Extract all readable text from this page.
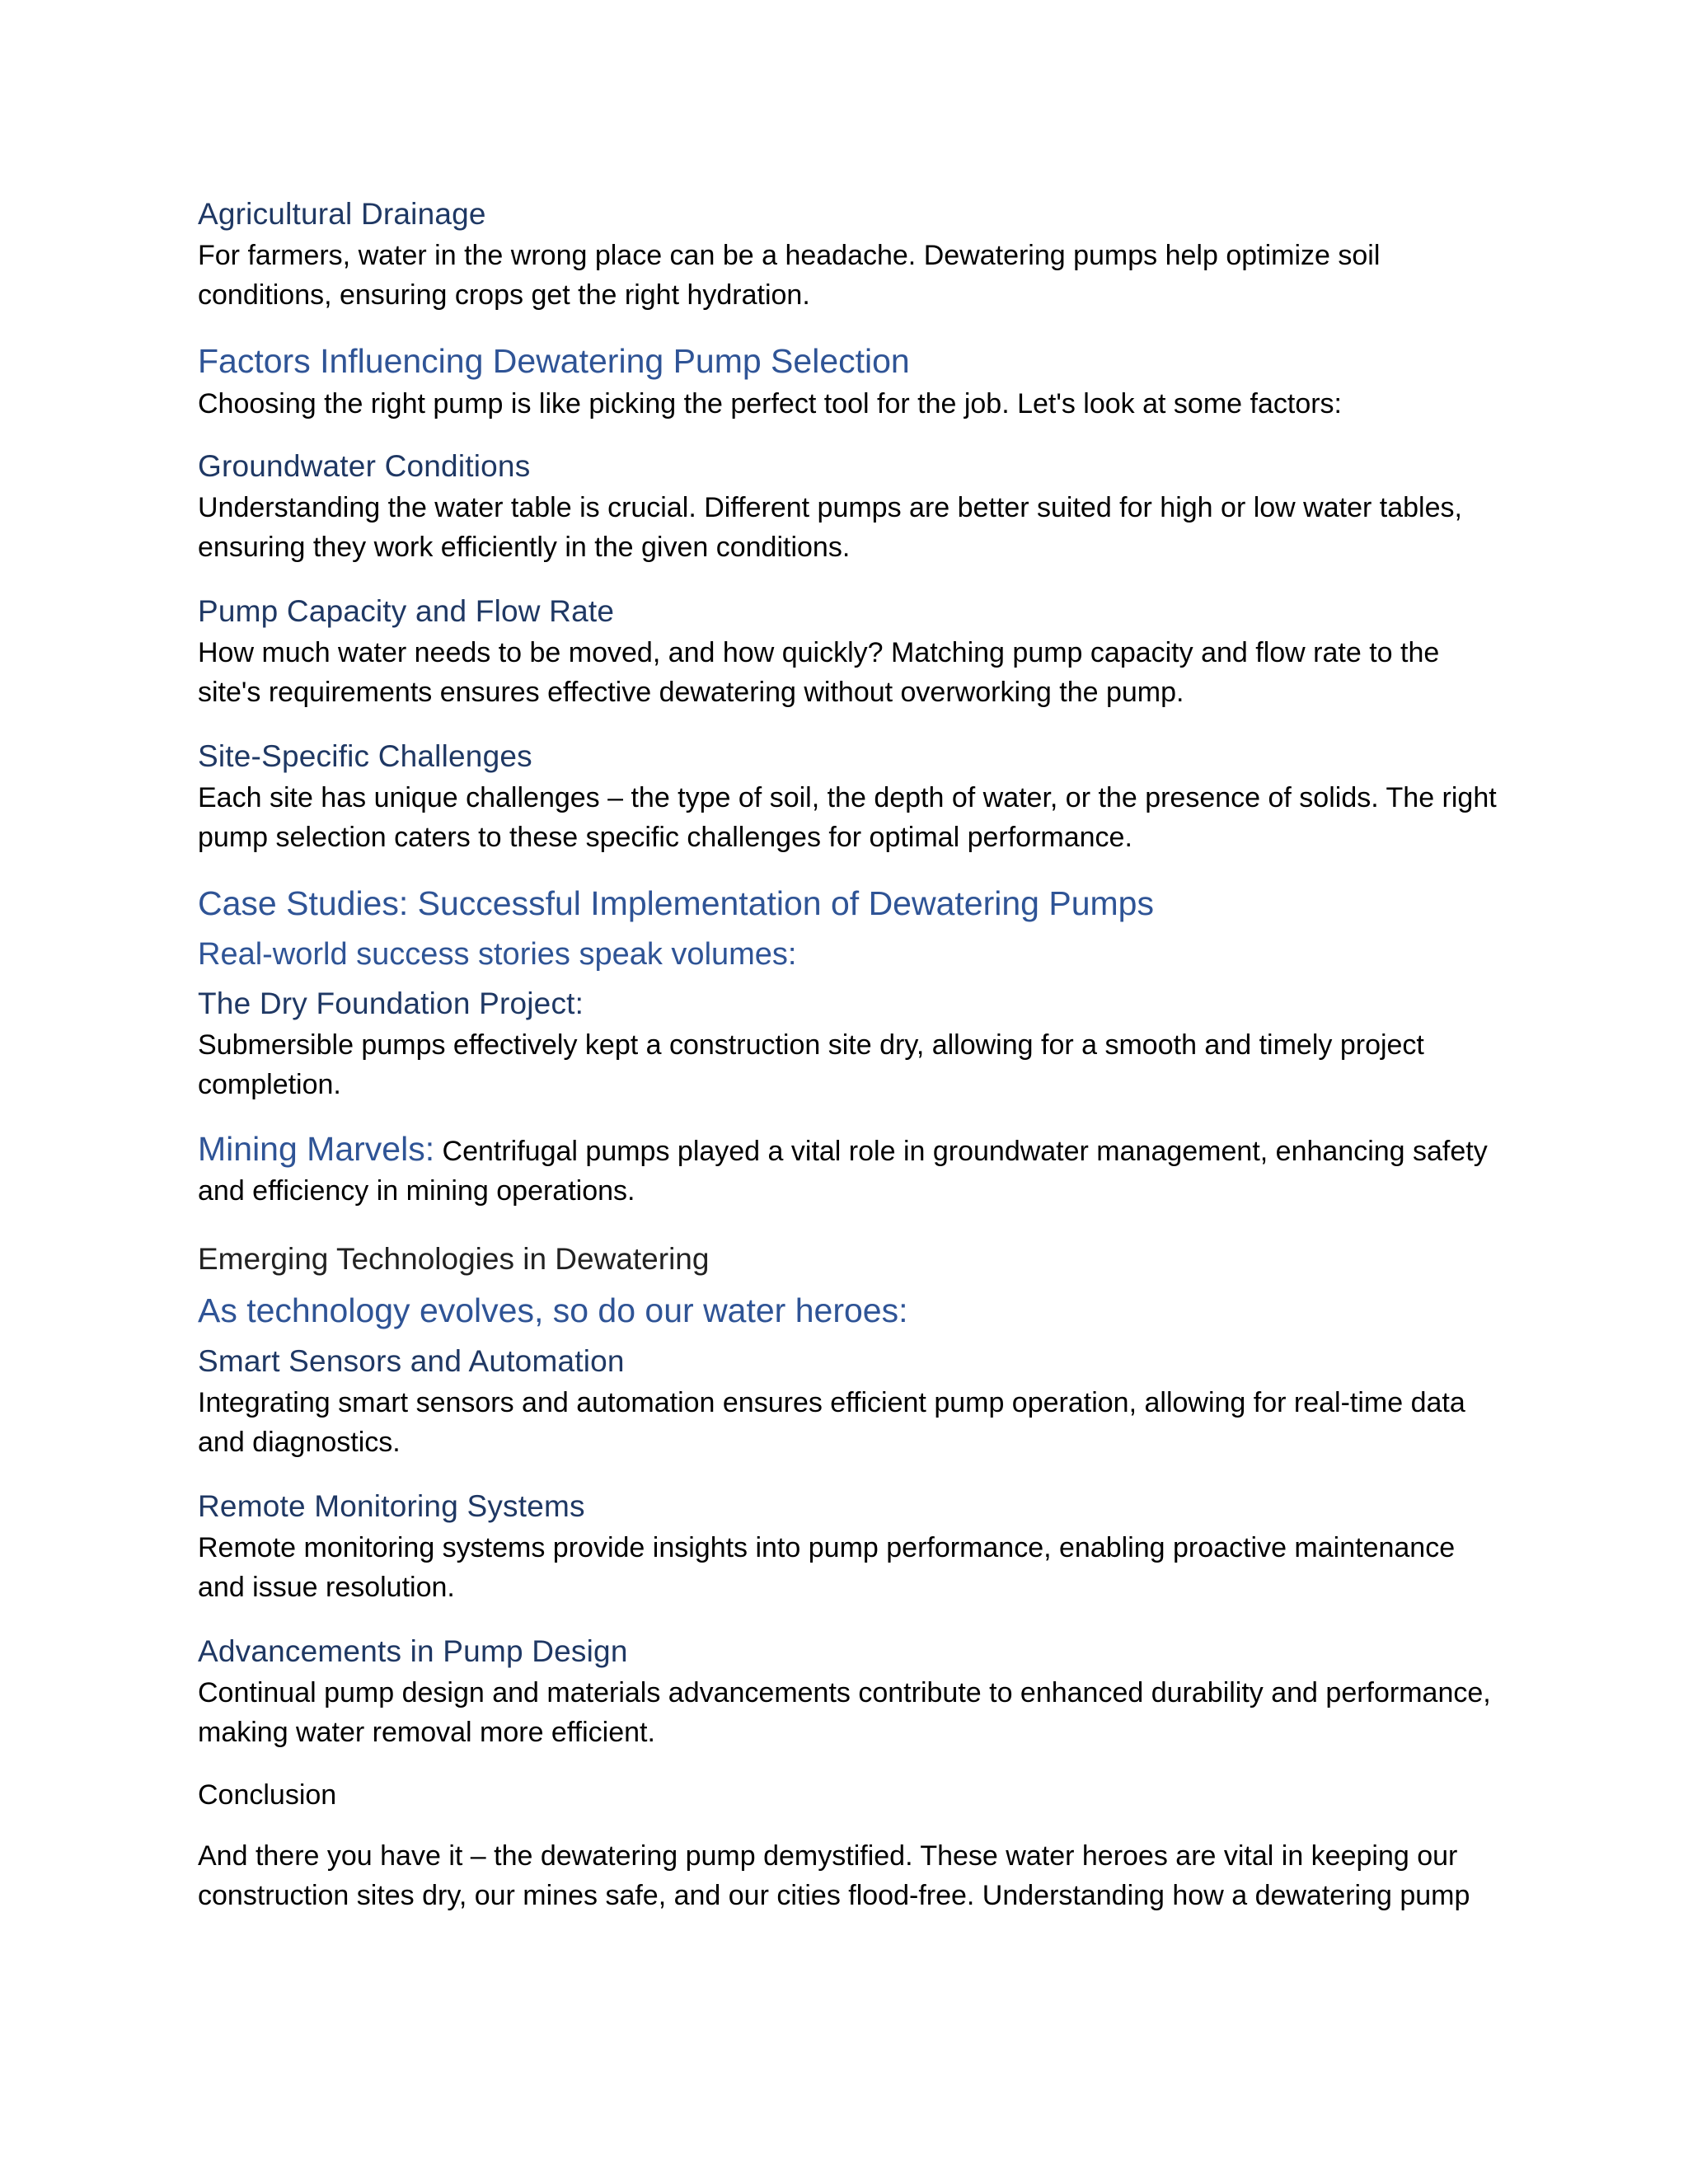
Agricultural Drainage

For farmers, water in the wrong place can be a headache. Dewatering pumps help optimize soil conditions, ensuring crops get the right hydration.

Factors Influencing Dewatering Pump Selection

Choosing the right pump is like picking the perfect tool for the job. Let's look at some factors:

Groundwater Conditions

Understanding the water table is crucial. Different pumps are better suited for high or low water tables, ensuring they work efficiently in the given conditions.

Pump Capacity and Flow Rate

How much water needs to be moved, and how quickly? Matching pump capacity and flow rate to the site's requirements ensures effective dewatering without overworking the pump.

Site-Specific Challenges

Each site has unique challenges – the type of soil, the depth of water, or the presence of solids. The right pump selection caters to these specific challenges for optimal performance.

Case Studies: Successful Implementation of Dewatering Pumps
Real-world success stories speak volumes:
The Dry Foundation Project:

Submersible pumps effectively kept a construction site dry, allowing for a smooth and timely project completion.

Mining Marvels: Centrifugal pumps played a vital role in groundwater management, enhancing safety and efficiency in mining operations.

Emerging Technologies in Dewatering
As technology evolves, so do our water heroes:
Smart Sensors and Automation

Integrating smart sensors and automation ensures efficient pump operation, allowing for real-time data and diagnostics.

Remote Monitoring Systems

Remote monitoring systems provide insights into pump performance, enabling proactive maintenance and issue resolution.

Advancements in Pump Design

Continual pump design and materials advancements contribute to enhanced durability and performance, making water removal more efficient.

Conclusion

And there you have it – the dewatering pump demystified. These water heroes are vital in keeping our construction sites dry, our mines safe, and our cities flood-free. Understanding how a dewatering pump
